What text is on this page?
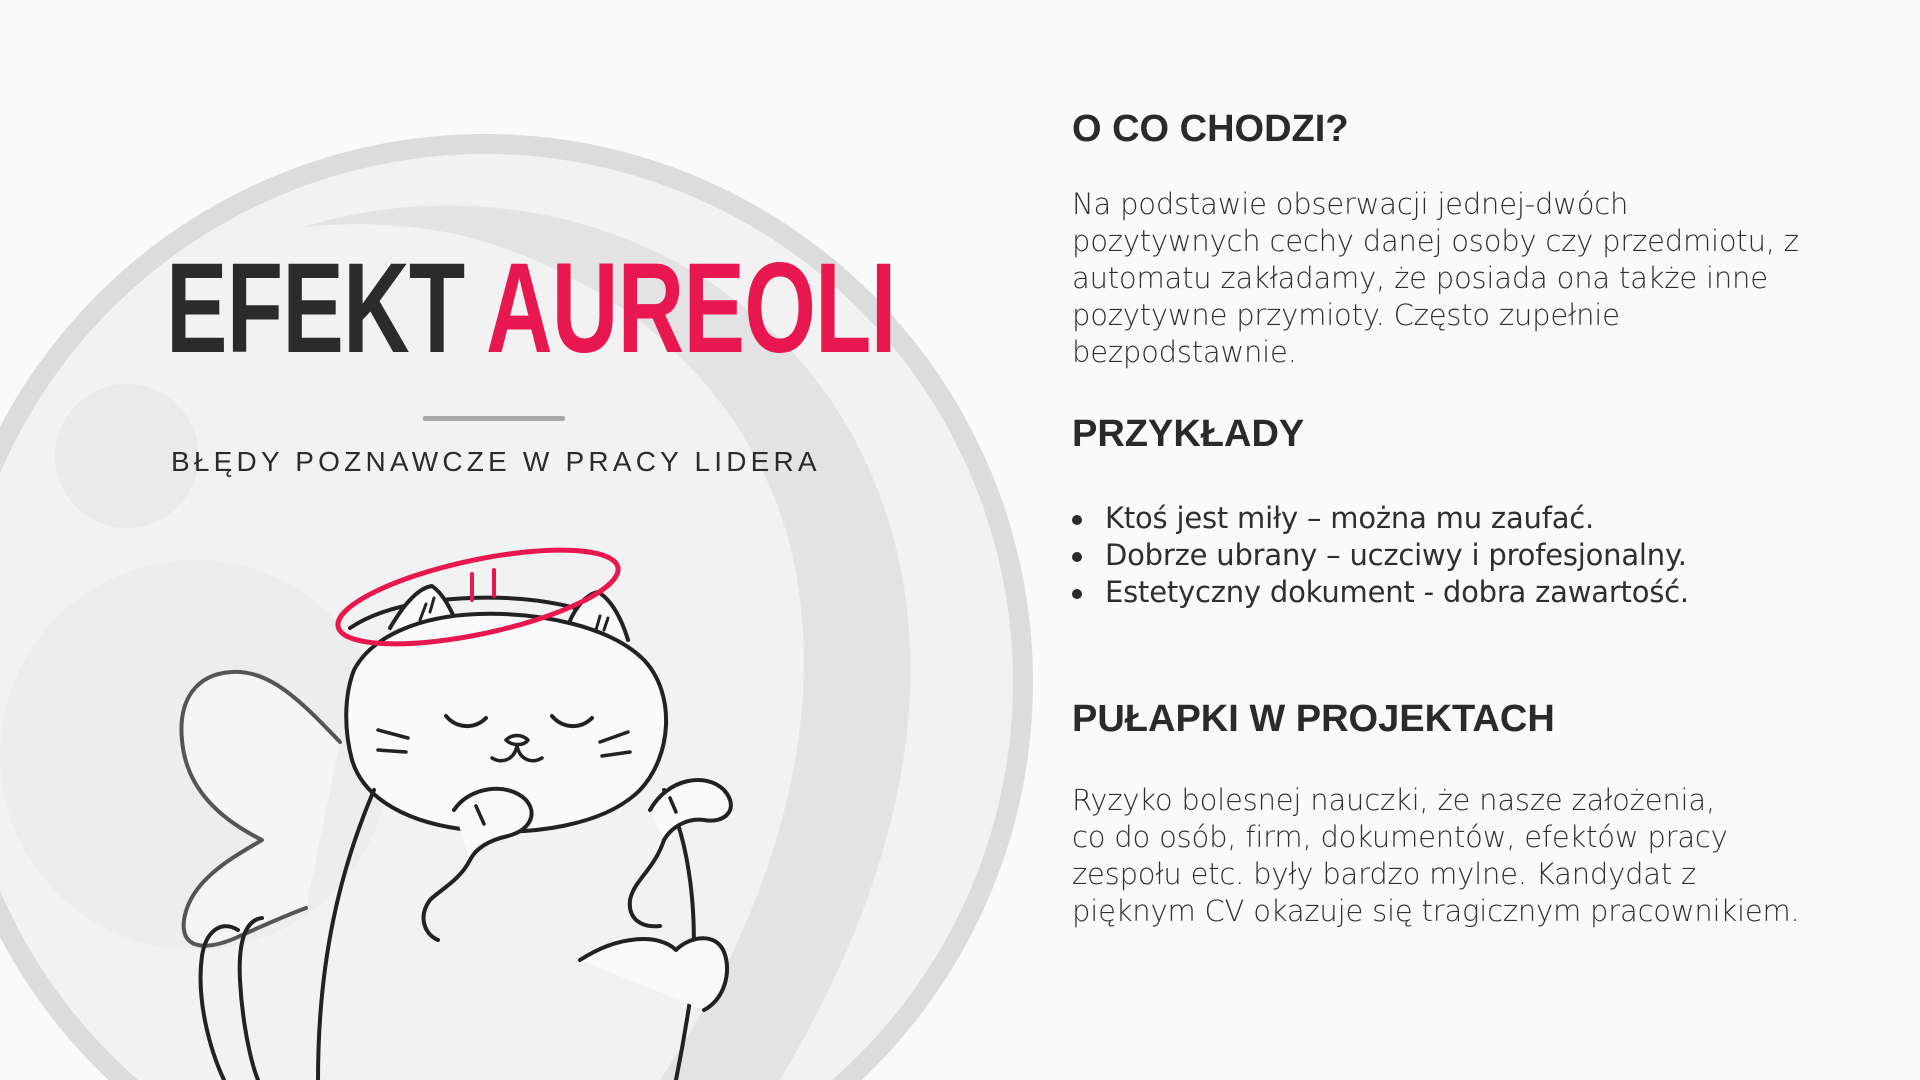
EFEKT AUREOLI

BŁĘDY POZNAWCZE W PRACY LIDERA

O CO CHODZI?

Na podstawie obserwacji jednej-dwóch
pozytywnych cechy danej osoby czy przedmiotu, z
automatu zakładamy, że posiada ona także inne
pozytywne przymioty. Często zupełnie
bezpodstawnie.

PRZYKŁADY
Ktoś jest miły – można mu zaufać.
Dobrze ubrany – uczciwy i profesjonalny.
Estetyczny dokument - dobra zawartość.
PUŁAPKI W PROJEKTACH

Ryzyko bolesnej nauczki, że nasze założenia,
co do osób, firm, dokumentów, efektów pracy
zespołu etc. były bardzo mylne. Kandydat z
pięknym CV okazuje się tragicznym pracownikiem.
